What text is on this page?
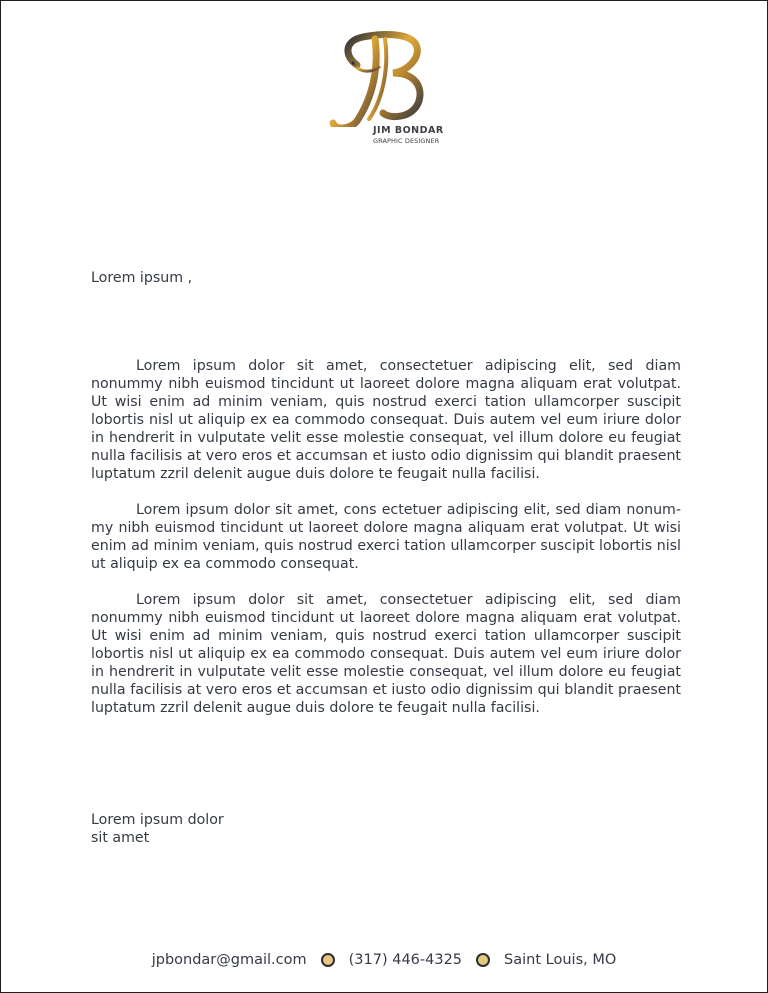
JIM BONDAR
GRAPHIC DESIGNER
Lorem ipsum ,
Lorem ipsum dolor sit amet, consectetuer adipiscing elit, sed diam nonummy nibh euismod tincidunt ut laoreet dolore magna aliquam erat volutpat. Ut wisi enim ad minim veniam, quis nostrud exerci tation ullamcorper suscipit lobortis nisl ut aliquip ex ea commodo consequat. Duis autem vel eum iriure dolor in hendrerit in vulputate velit esse molestie consequat, vel illum dolore eu feugiat nulla facilisis at vero eros et accumsan et iusto odio dignissim qui blandit praesent luptatum zzril delenit augue duis dolore te feugait nulla facilisi.
Lorem ipsum dolor sit amet, cons ectetuer adipiscing elit, sed diam nonum-my nibh euismod tincidunt ut laoreet dolore magna aliquam erat volutpat. Ut wisi enim ad minim veniam, quis nostrud exerci tation ullamcorper suscipit lobortis nisl ut aliquip ex ea commodo consequat.
Lorem ipsum dolor sit amet, consectetuer adipiscing elit, sed diam nonummy nibh euismod tincidunt ut laoreet dolore magna aliquam erat volutpat. Ut wisi enim ad minim veniam, quis nostrud exerci tation ullamcorper suscipit lobortis nisl ut aliquip ex ea commodo consequat. Duis autem vel eum iriure dolor in hendrerit in vulputate velit esse molestie consequat, vel illum dolore eu feugiat nulla facilisis at vero eros et accumsan et iusto odio dignissim qui blandit praesent luptatum zzril delenit augue duis dolore te feugait nulla facilisi.
Lorem ipsum dolor
sit amet
jpbondar@gmail.com	(317) 446-4325	Saint Louis, MO
